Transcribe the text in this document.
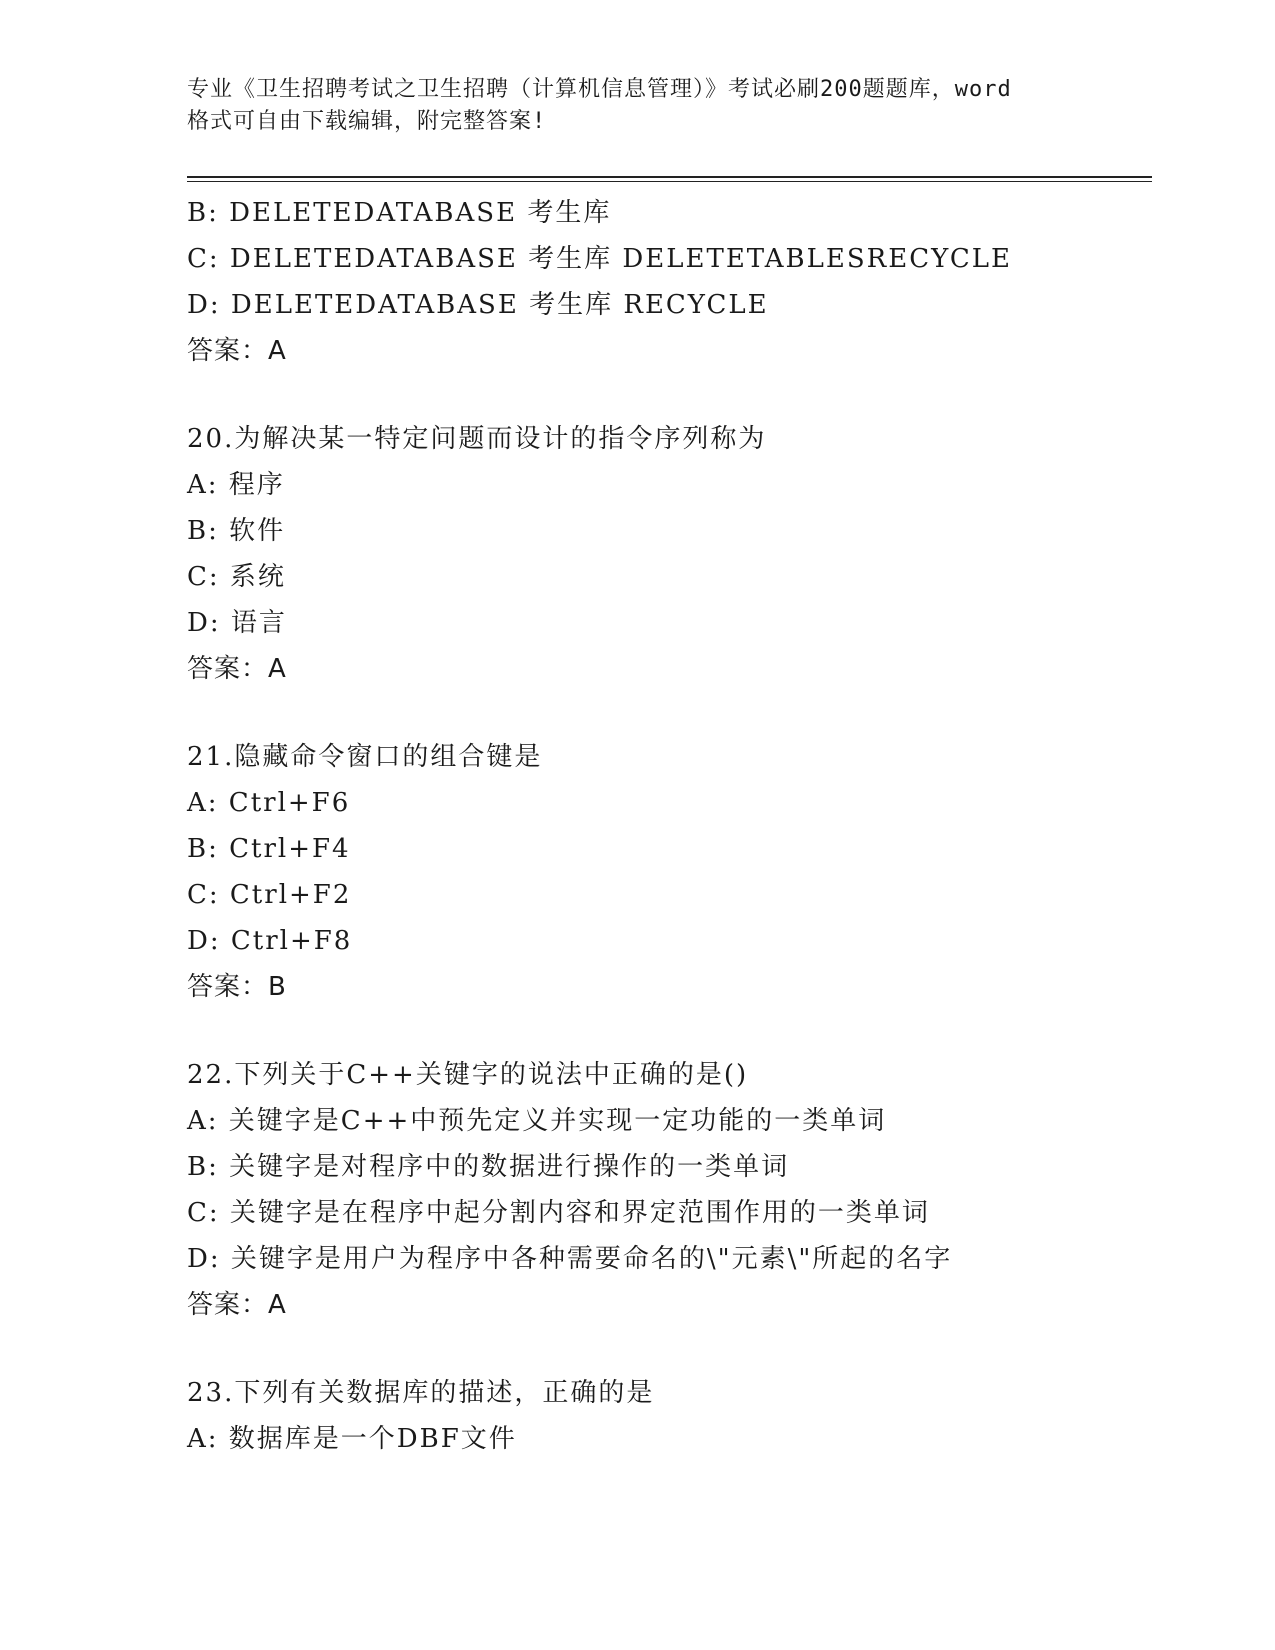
专业《卫生招聘考试之卫生招聘（计算机信息管理）》考试必刷200题题库，word
格式可自由下载编辑，附完整答案!
B: DELETEDATABASE 考生库
C: DELETEDATABASE 考生库 DELETETABLESRECYCLE
D: DELETEDATABASE 考生库 RECYCLE
答案：A
20.为解决某一特定问题而设计的指令序列称为
A: 程序
B: 软件
C: 系统
D: 语言
答案：A
21.隐藏命令窗口的组合键是
A: Ctrl+F6
B: Ctrl+F4
C: Ctrl+F2
D: Ctrl+F8
答案：B
22.下列关于C++关键字的说法中正确的是()
A: 关键字是C++中预先定义并实现一定功能的一类单词
B: 关键字是对程序中的数据进行操作的一类单词
C: 关键字是在程序中起分割内容和界定范围作用的一类单词
D: 关键字是用户为程序中各种需要命名的\"元素\"所起的名字
答案：A
23.下列有关数据库的描述，正确的是
A: 数据库是一个DBF文件
